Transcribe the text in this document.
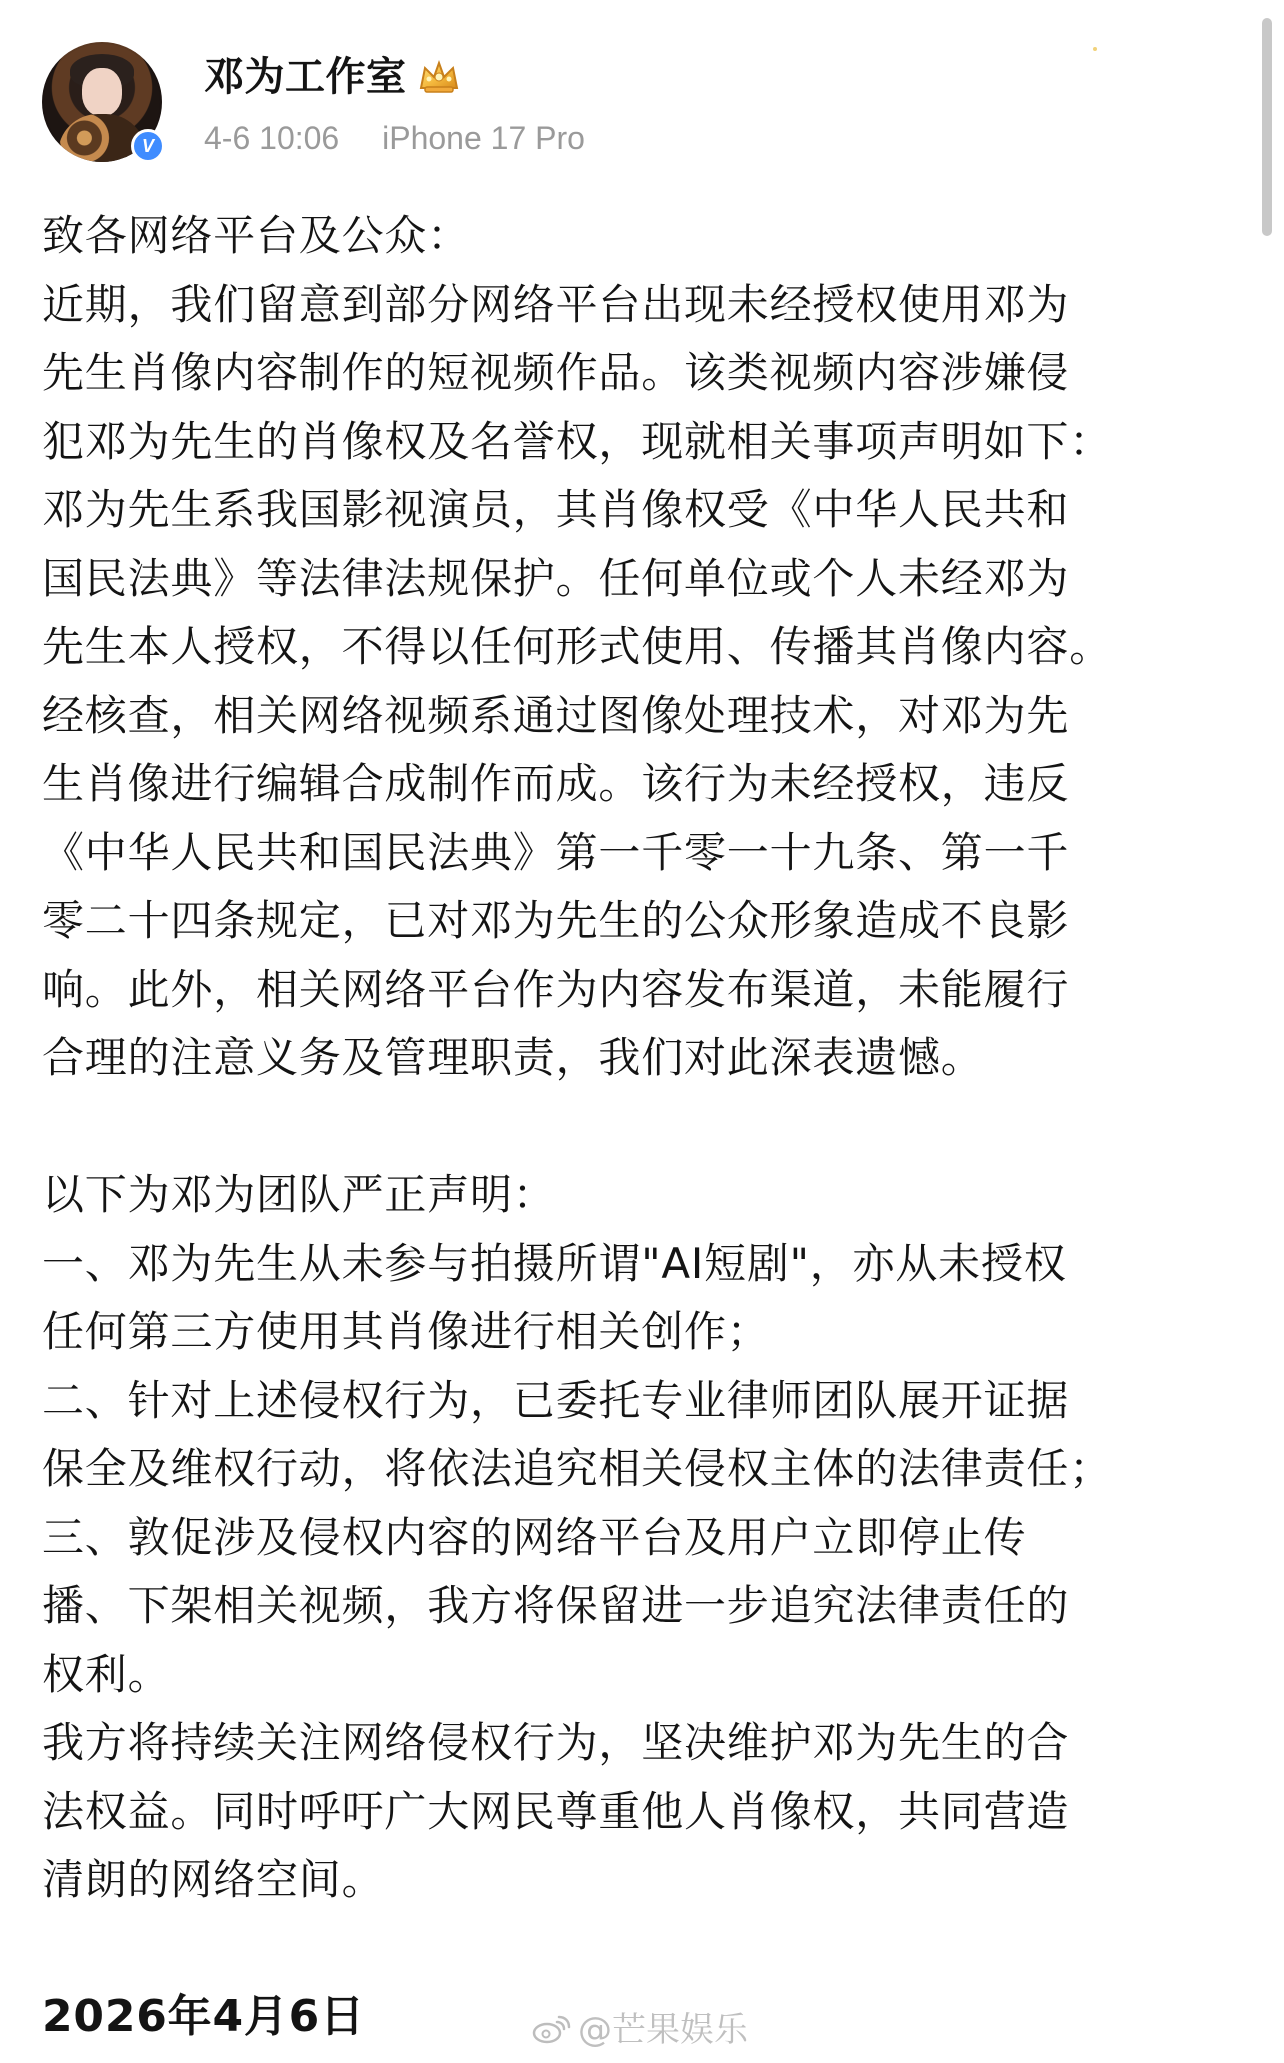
V
邓为工作室
4-6 10:06 iPhone 17 Pro
致各网络平台及公众：
近期，我们留意到部分网络平台出现未经授权使用邓为
先生肖像内容制作的短视频作品。该类视频内容涉嫌侵
犯邓为先生的肖像权及名誉权，现就相关事项声明如下：
邓为先生系我国影视演员，其肖像权受《中华人民共和
国民法典》等法律法规保护。任何单位或个人未经邓为
先生本人授权，不得以任何形式使用、传播其肖像内容。
经核查，相关网络视频系通过图像处理技术，对邓为先
生肖像进行编辑合成制作而成。该行为未经授权，违反
《中华人民共和国民法典》第一千零一十九条、第一千
零二十四条规定，已对邓为先生的公众形象造成不良影
响。此外，相关网络平台作为内容发布渠道，未能履行
合理的注意义务及管理职责，我们对此深表遗憾。
以下为邓为团队严正声明：
一、邓为先生从未参与拍摄所谓"AI短剧"，亦从未授权
任何第三方使用其肖像进行相关创作；
二、针对上述侵权行为，已委托专业律师团队展开证据
保全及维权行动，将依法追究相关侵权主体的法律责任；
三、敦促涉及侵权内容的网络平台及用户立即停止传
播、下架相关视频，我方将保留进一步追究法律责任的
权利。
我方将持续关注网络侵权行为，坚决维护邓为先生的合
法权益。同时呼吁广大网民尊重他人肖像权，共同营造
清朗的网络空间。
2026年4月6日	@芒果娱乐
